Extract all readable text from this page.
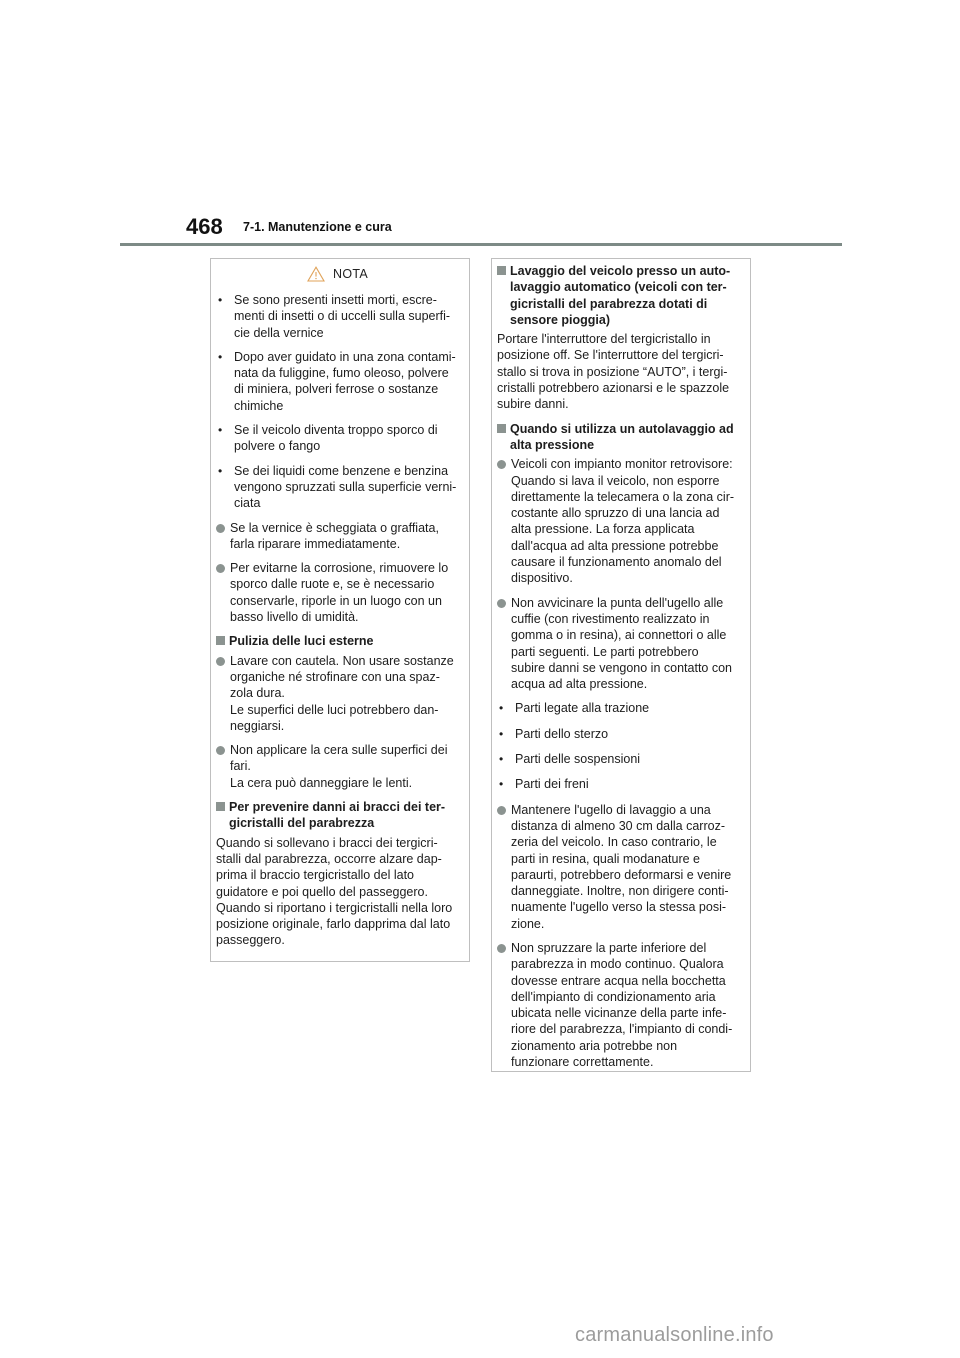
468 7-1. Manutenzione e cura
NOTA
• Se sono presenti insetti morti, escre-
menti di insetti o di uccelli sulla superfi-
cie della vernice
• Dopo aver guidato in una zona contami-
nata da fuliggine, fumo oleoso, polvere
di miniera, polveri ferrose o sostanze
chimiche
• Se il veicolo diventa troppo sporco di
polvere o fango
• Se dei liquidi come benzene e benzina
vengono spruzzati sulla superficie verni-
ciata
Se la vernice è scheggiata o graffiata,
farla riparare immediatamente.
Per evitarne la corrosione, rimuovere lo
sporco dalle ruote e, se è necessario
conservarle, riporle in un luogo con un
basso livello di umidità.
Pulizia delle luci esterne
Lavare con cautela. Non usare sostanze
organiche né strofinare con una spaz-
zola dura.
Le superfici delle luci potrebbero dan-
neggiarsi.
Non applicare la cera sulle superfici dei
fari.
La cera può danneggiare le lenti.
Per prevenire danni ai bracci dei ter-
gicristalli del parabrezza
Quando si sollevano i bracci dei tergicri-
stalli dal parabrezza, occorre alzare dap-
prima il braccio tergicristallo del lato
guidatore e poi quello del passeggero.
Quando si riportano i tergicristalli nella loro
posizione originale, farlo dapprima dal lato
passeggero.
Lavaggio del veicolo presso un auto-
lavaggio automatico (veicoli con ter-
gicristalli del parabrezza dotati di
sensore pioggia)
Portare l'interruttore del tergicristallo in
posizione off. Se l'interruttore del tergicri-
stallo si trova in posizione “AUTO”, i tergi-
cristalli potrebbero azionarsi e le spazzole
subire danni.
Quando si utilizza un autolavaggio ad
alta pressione
Veicoli con impianto monitor retrovisore:
Quando si lava il veicolo, non esporre
direttamente la telecamera o la zona cir-
costante allo spruzzo di una lancia ad
alta pressione. La forza applicata
dall'acqua ad alta pressione potrebbe
causare il funzionamento anomalo del
dispositivo.
Non avvicinare la punta dell'ugello alle
cuffie (con rivestimento realizzato in
gomma o in resina), ai connettori o alle
parti seguenti. Le parti potrebbero
subire danni se vengono in contatto con
acqua ad alta pressione.
• Parti legate alla trazione
• Parti dello sterzo
• Parti delle sospensioni
• Parti dei freni
Mantenere l'ugello di lavaggio a una
distanza di almeno 30 cm dalla carroz-
zeria del veicolo. In caso contrario, le
parti in resina, quali modanature e
paraurti, potrebbero deformarsi e venire
danneggiate. Inoltre, non dirigere conti-
nuamente l'ugello verso la stessa posi-
zione.
Non spruzzare la parte inferiore del
parabrezza in modo continuo. Qualora
dovesse entrare acqua nella bocchetta
dell'impianto di condizionamento aria
ubicata nelle vicinanze della parte infe-
riore del parabrezza, l'impianto di condi-
zionamento aria potrebbe non
funzionare correttamente.
carmanualsonline.info
